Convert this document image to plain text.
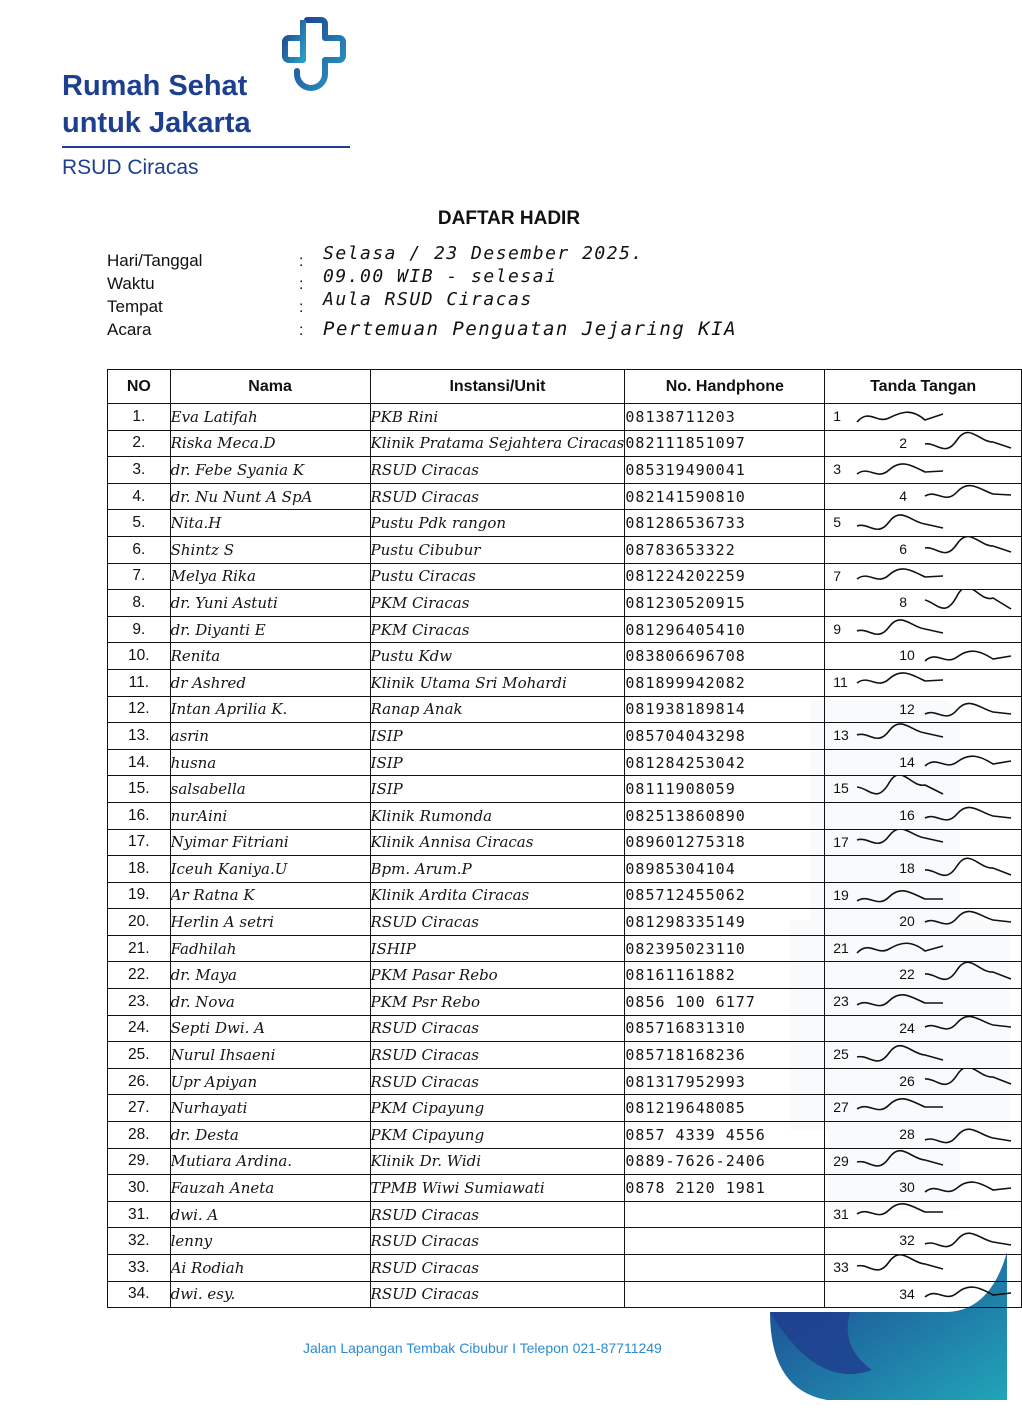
Rumah Sehat
untuk Jakarta
RSUD Ciracas
DAFTAR HADIR
Hari/Tanggal	: Selasa / 23 Desember 2025.
Waktu	: 09.00 WIB - selesai
Tempat	: Aula RSUD Ciracas
Acara	: Pertemuan Penguatan Jejaring KIA
NO	Nama	Instansi/Unit	No. Handphone	Tanda Tangan
1.	Eva Latifah	PKB Rini	08138711203	1

2.	Riska Meca.D	Klinik Pratama Sejahtera Ciracas	082111851097	2

3.	dr. Febe Syania K	RSUD Ciracas	085319490041	3

4.	dr. Nu Nunt A SpA	RSUD Ciracas	082141590810	4

5.	Nita.H	Pustu Pdk rangon	081286536733	5

6.	Shintz S	Pustu Cibubur	08783653322	6

7.	Melya Rika	Pustu Ciracas	081224202259	7

8.	dr. Yuni Astuti	PKM Ciracas	081230520915	8

9.	dr. Diyanti E	PKM Ciracas	081296405410	9

10.	Renita	Pustu Kdw	083806696708	10

11.	dr Ashred	Klinik Utama Sri Mohardi	081899942082	11

12.	Intan Aprilia K.	Ranap Anak	081938189814	12

13.	asrin	ISIP	085704043298	13

14.	husna	ISIP	081284253042	14

15.	salsabella	ISIP	08111908059	15

16.	nurAini	Klinik Rumonda	082513860890	16

17.	Nyimar Fitriani	Klinik Annisa Ciracas	089601275318	17

18.	Iceuh Kaniya.U	Bpm. Arum.P	08985304104	18

19.	Ar Ratna K	Klinik Ardita Ciracas	085712455062	19

20.	Herlin A setri	RSUD Ciracas	081298335149	20

21.	Fadhilah	ISHIP	082395023110	21

22.	dr. Maya	PKM Pasar Rebo	08161161882	22

23.	dr. Nova	PKM Psr Rebo	0856 100 6177	23

24.	Septi Dwi. A	RSUD Ciracas	085716831310	24

25.	Nurul Ihsaeni	RSUD Ciracas	085718168236	25

26.	Upr Apiyan	RSUD Ciracas	081317952993	26

27.	Nurhayati	PKM Cipayung	081219648085	27

28.	dr. Desta	PKM Cipayung	0857 4339 4556	28

29.	Mutiara Ardina.	Klinik Dr. Widi	0889-7626-2406	29

30.	Fauzah Aneta	TPMB Wiwi Sumiawati	0878 2120 1981	30

31.	dwi. A	RSUD Ciracas		31

32.	lenny	RSUD Ciracas		32

33.	Ai Rodiah	RSUD Ciracas		33

34.	dwi. esy.	RSUD Ciracas		34
Jalan Lapangan Tembak Cibubur I Telepon 021-87711249
